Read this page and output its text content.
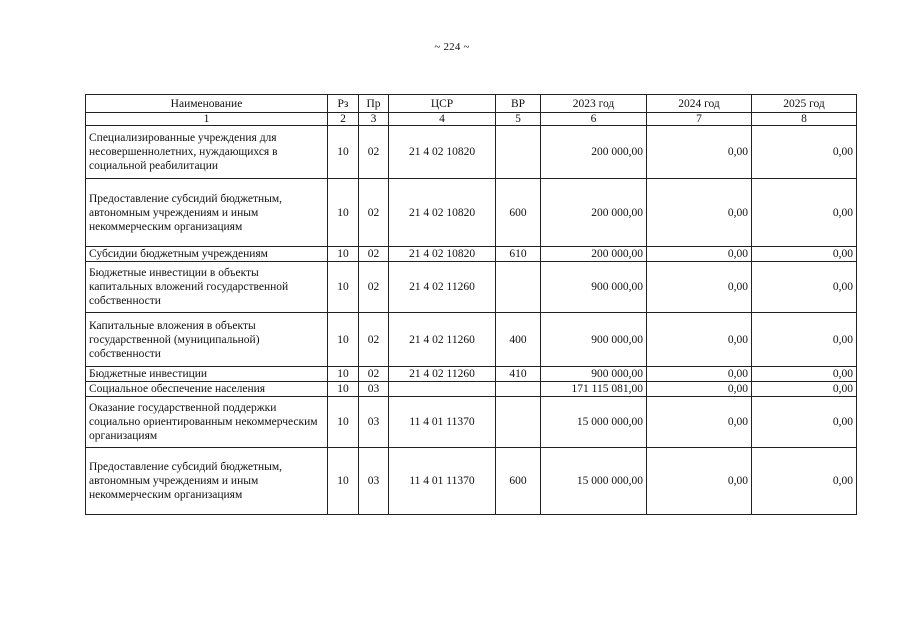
~ 224 ~
Наименование	Рз	Пр	ЦСР	ВР	2023 год	2024 год	2025 год
1	2	3	4	5	6	7	8
Специализированные учреждения для несовершеннолетних, нуждающихся в социальной реабилитации	10	02	21 4 02 10820		200 000,00	0,00	0,00
Предоставление субсидий бюджетным, автономным учреждениям и иным некоммерческим организациям	10	02	21 4 02 10820	600	200 000,00	0,00	0,00
Субсидии бюджетным учреждениям	10	02	21 4 02 10820	610	200 000,00	0,00	0,00
Бюджетные инвестиции в объекты капитальных вложений государственной собственности	10	02	21 4 02 11260		900 000,00	0,00	0,00
Капитальные вложения в объекты государственной (муниципальной) собственности	10	02	21 4 02 11260	400	900 000,00	0,00	0,00
Бюджетные инвестиции	10	02	21 4 02 11260	410	900 000,00	0,00	0,00
Социальное обеспечение населения	10	03			171 115 081,00	0,00	0,00
Оказание государственной поддержки социально ориентированным некоммерческим организациям	10	03	11 4 01 11370		15 000 000,00	0,00	0,00
Предоставление субсидий бюджетным, автономным учреждениям и иным некоммерческим организациям	10	03	11 4 01 11370	600	15 000 000,00	0,00	0,00
